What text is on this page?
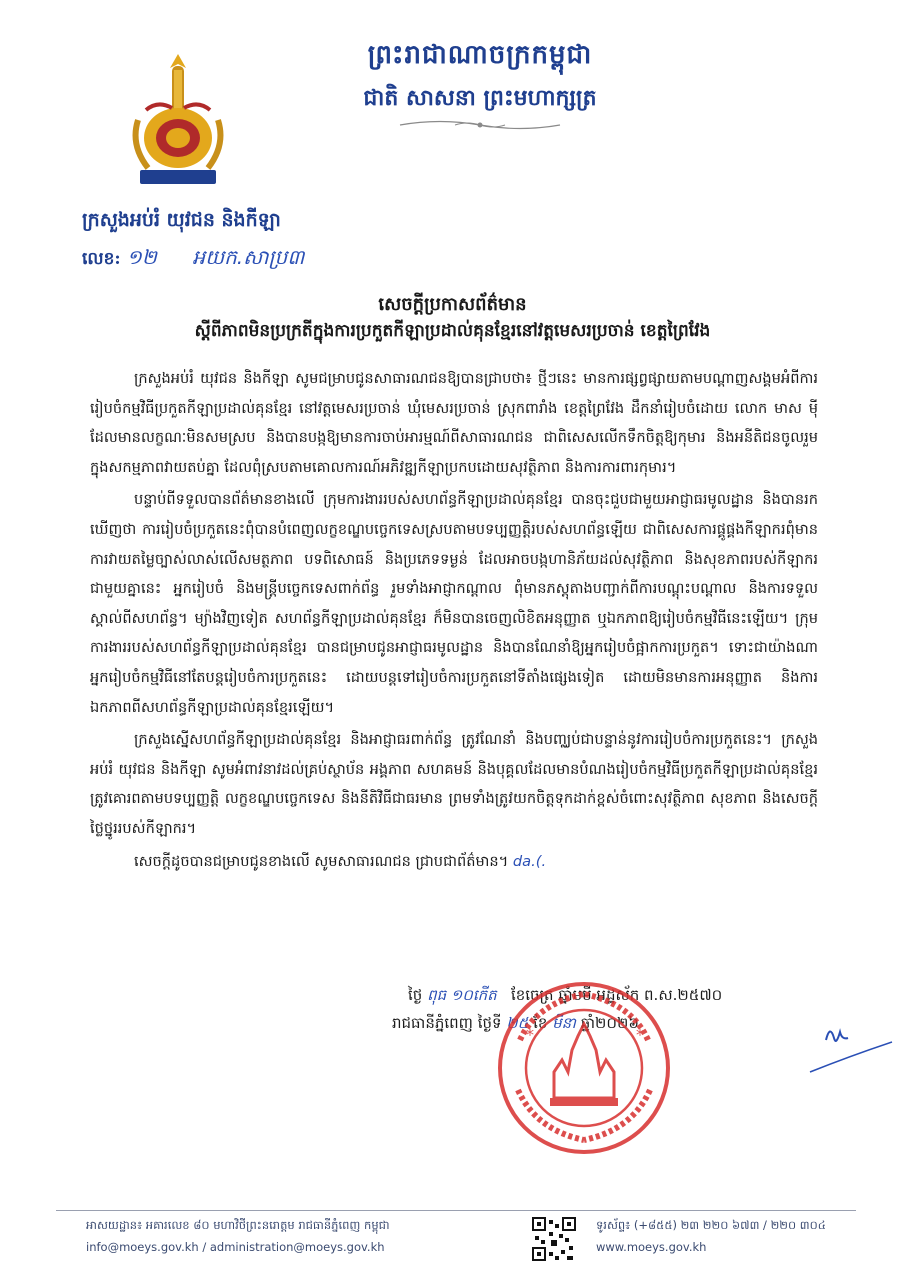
ព្រះរាជាណាចក្រកម្ពុជា
ជាតិ សាសនា ព្រះមហាក្សត្រ
ក្រសួងអប់រំ យុវជន និងកីឡា
លេខ: ១២ អយក.សាប្រ៣
សេចក្ដីប្រកាសព័ត៌មាន
ស្ដីពីភាពមិនប្រក្រតីក្នុងការប្រកួតកីឡាប្រដាល់គុនខ្មែរនៅវត្តមេសរប្រចាន់ ខេត្តព្រៃវែង

ក្រសួងអប់រំ យុវជន និងកីឡា សូមជម្រាបជូនសាធារណជនឱ្យបានជ្រាបថា៖ ថ្មីៗនេះ មានការផ្សព្វផ្សាយតាមបណ្ដាញសង្គមអំពីការរៀបចំកម្មវិធីប្រកួតកីឡាប្រដាល់គុនខ្មែរ នៅវត្តមេសរប្រចាន់ ឃុំមេសរប្រចាន់ ស្រុកពារាំង ខេត្តព្រៃវែង ដឹកនាំរៀបចំដោយ លោក មាស មុី ដែលមានលក្ខណៈមិនសមស្រប និងបានបង្កឱ្យមានការចាប់អារម្មណ៍ពីសាធារណជន ជាពិសេសលើកទឹកចិត្តឱ្យកុមារ និងអនីតិជនចូលរួមក្នុងសកម្មភាពវាយតប់គ្នា ដែលពុំស្របតាមគោលការណ៍អភិវឌ្ឍកីឡាប្រកបដោយសុវត្ថិភាព និងការការពារកុមារ។

បន្ទាប់ពីទទួលបានព័ត៌មានខាងលើ ក្រុមការងាររបស់សហព័ន្ធកីឡាប្រដាល់គុនខ្មែរ បានចុះជួបជាមួយអាជ្ញាធរមូលដ្ឋាន និងបានរកឃើញថា ការរៀបចំប្រកួតនេះពុំបានបំពេញលក្ខខណ្ឌបច្ចេកទេសស្របតាមបទប្បញ្ញត្តិរបស់សហព័ន្ធឡើយ ជាពិសេសការផ្គូផ្គងកីឡាករពុំមានការវាយតម្លៃច្បាស់លាស់លើសមត្ថភាព បទពិសោធន៍ និងប្រភេទទម្ងន់ ដែលអាចបង្កហានិភ័យដល់សុវត្ថិភាព និងសុខភាពរបស់កីឡាករ ជាមួយគ្នានេះ អ្នករៀបចំ និងមន្ត្រីបច្ចេកទេសពាក់ព័ន្ធ រួមទាំងអាជ្ញាកណ្ដាល ពុំមានភស្ដុតាងបញ្ជាក់ពីការបណ្ដុះបណ្ដាល និងការទទួលស្គាល់ពីសហព័ន្ធ។ ម្យ៉ាងវិញទៀត សហព័ន្ធកីឡាប្រដាល់គុនខ្មែរ ក៏មិនបានចេញលិខិតអនុញ្ញាត ឬឯកភាពឱ្យរៀបចំកម្មវិធីនេះឡើយ។ ក្រុមការងាររបស់សហព័ន្ធកីឡាប្រដាល់គុនខ្មែរ បានជម្រាបជូនអាជ្ញាធរមូលដ្ឋាន និងបានណែនាំឱ្យអ្នករៀបចំផ្អាកការប្រកួត។ ទោះជាយ៉ាងណា អ្នករៀបចំកម្មវិធីនៅតែបន្តរៀបចំការប្រកួតនេះ ដោយបន្តទៅរៀបចំការប្រកួតនៅទីតាំងផ្សេងទៀត ដោយមិនមានការអនុញ្ញាត និងការឯកភាពពីសហព័ន្ធកីឡាប្រដាល់គុនខ្មែរឡើយ។

ក្រសួងស្នើសហព័ន្ធកីឡាប្រដាល់គុនខ្មែរ និងអាជ្ញាធរពាក់ព័ន្ធ ត្រូវណែនាំ និងបញ្ឈប់ជាបន្ទាន់នូវការរៀបចំការប្រកួតនេះ។ ក្រសួងអប់រំ យុវជន និងកីឡា សូមអំពាវនាវដល់គ្រប់ស្ថាប័ន អង្គភាព សហគមន៍ និងបុគ្គលដែលមានបំណងរៀបចំកម្មវិធីប្រកួតកីឡាប្រដាល់គុនខ្មែរ ត្រូវគោរពតាមបទប្បញ្ញត្តិ លក្ខខណ្ឌបច្ចេកទេស និងនីតិវិធីជាធរមាន ព្រមទាំងត្រូវយកចិត្តទុកដាក់ខ្ពស់ចំពោះសុវត្ថិភាព សុខភាព និងសេចក្ដីថ្លៃថ្នូររបស់កីឡាករ។

សេចក្ដីដូចបានជម្រាបជូនខាងលើ សូមសាធារណជន ជ្រាបជាព័ត៌មាន។ da.(.

ថ្ងៃ ពុធ ១០កើត ខែចេត្រ ឆ្នាំមមី អដ្ឋស័ក ព.ស.២៥៧០
រាជធានីភ្នំពេញ ថ្ងៃទី ២៥ ខែ មីនា ឆ្នាំ២០២៦
*	*
អាសយដ្ឋាន៖ អគារលេខ ៨០ មហាវិថីព្រះនរោត្តម រាជធានីភ្នំពេញ កម្ពុជា
info@moeys.gov.kh / administration@moeys.gov.kh
ទូរស័ព្ទ៖ (+៨៥៥) ២៣ ២២០ ៦៧៣ / ២២០ ៣០៤
www.moeys.gov.kh
